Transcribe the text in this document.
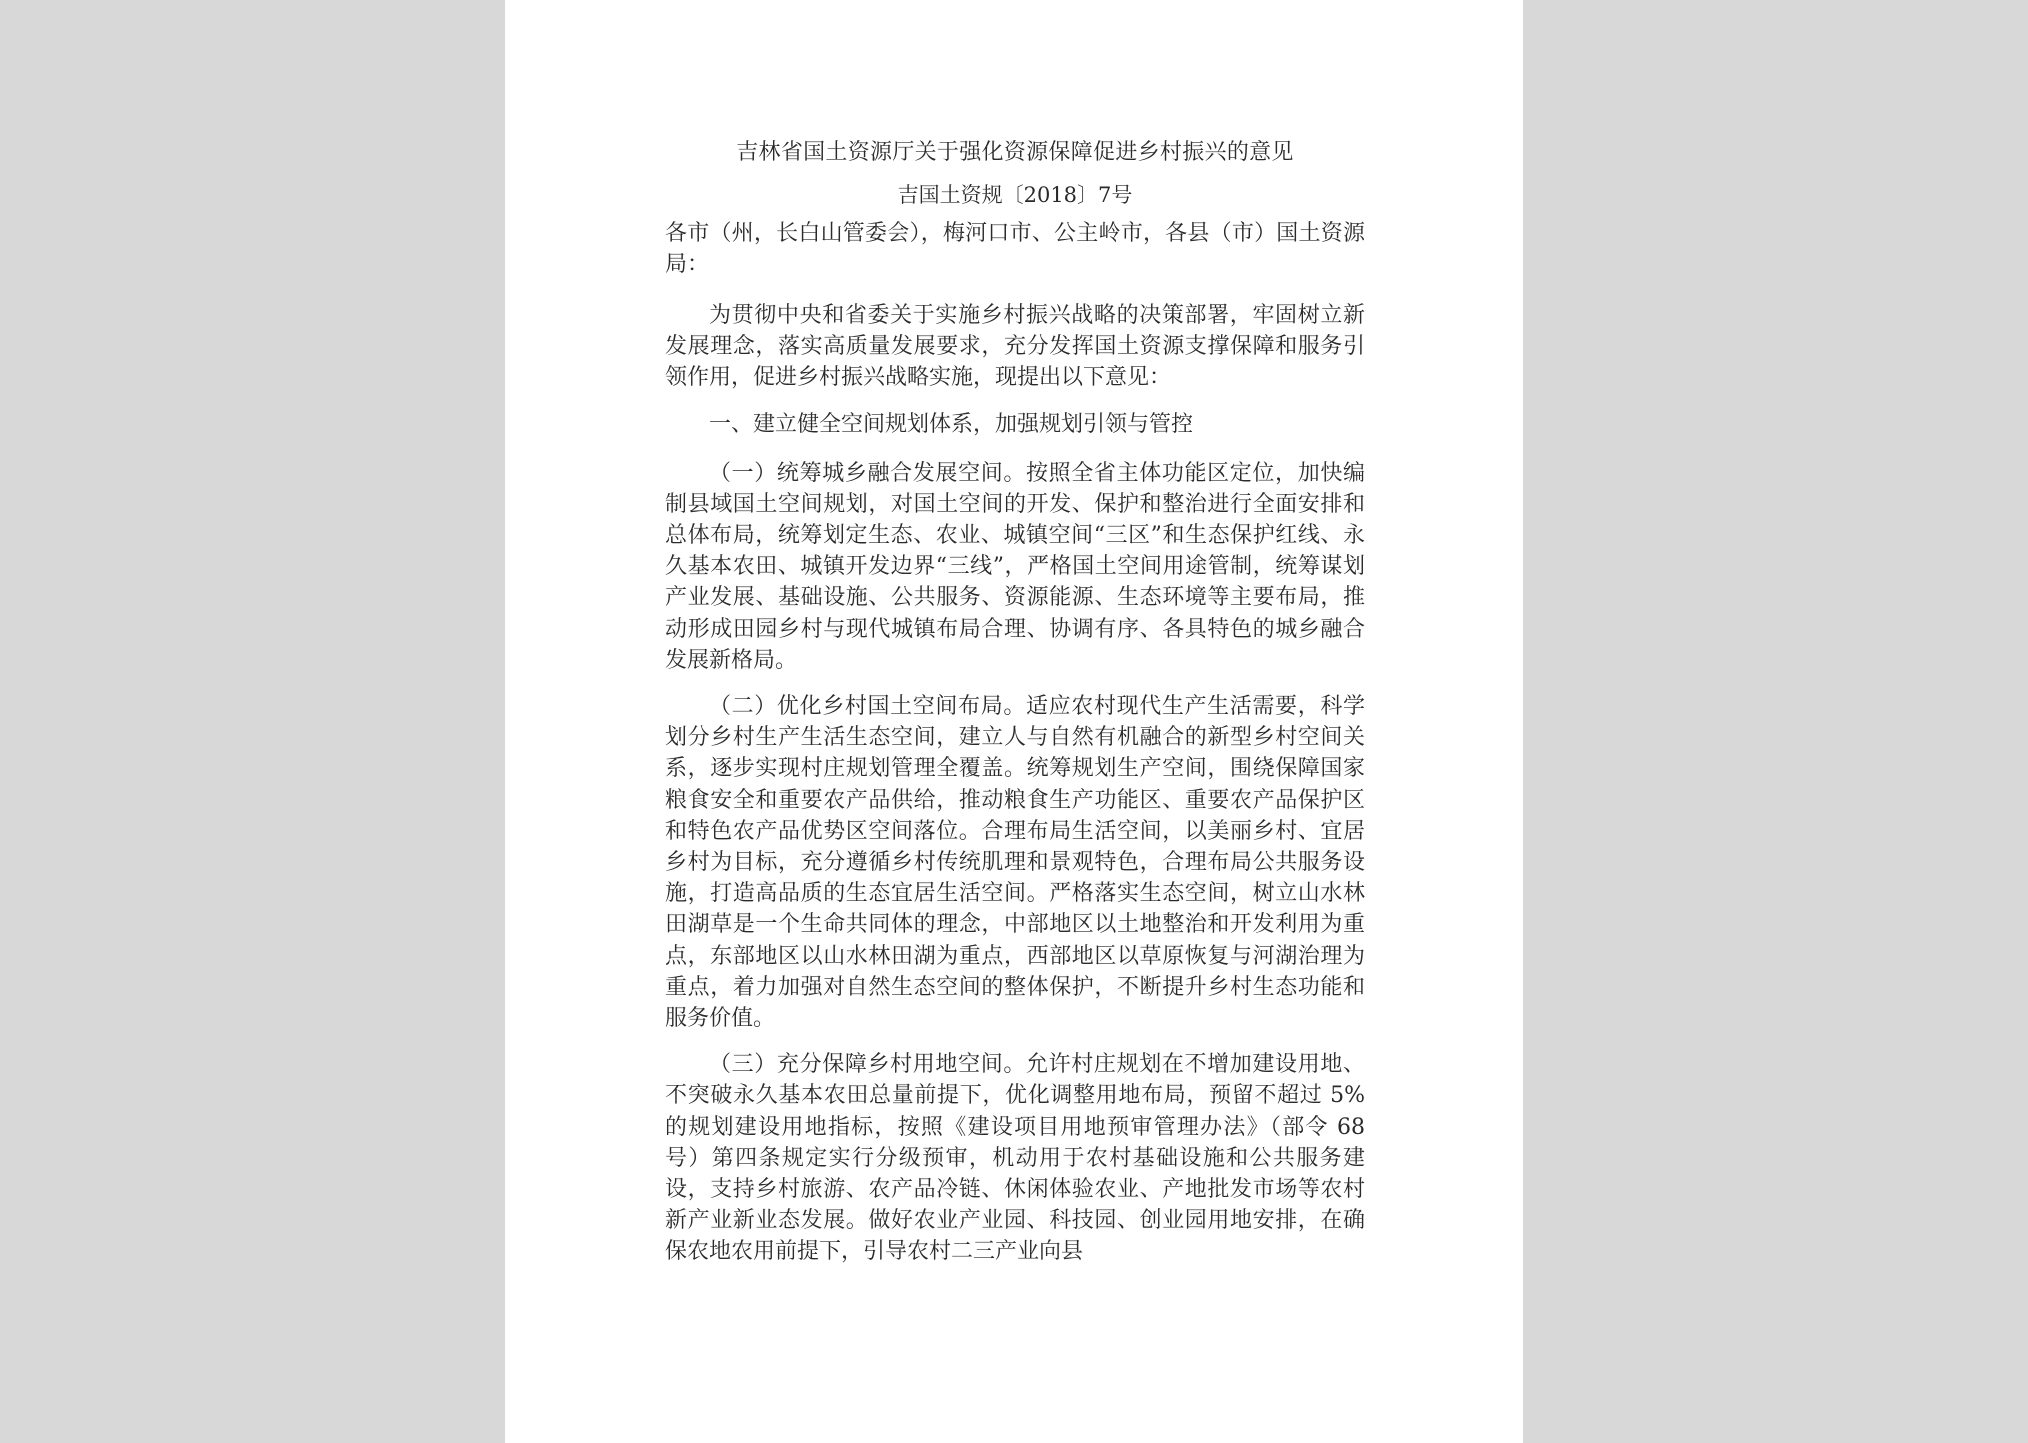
吉林省国土资源厅关于强化资源保障促进乡村振兴的意见
吉国土资规〔2018〕7号

各市（州，长白山管委会），梅河口市、公主岭市，各县（市）国土资源局：

为贯彻中央和省委关于实施乡村振兴战略的决策部署，牢固树立新发展理念，落实高质量发展要求，充分发挥国土资源支撑保障和服务引领作用，促进乡村振兴战略实施，现提出以下意见：

一、建立健全空间规划体系，加强规划引领与管控

（一）统筹城乡融合发展空间。按照全省主体功能区定位，加快编制县域国土空间规划，对国土空间的开发、保护和整治进行全面安排和总体布局，统筹划定生态、农业、城镇空间“三区”和生态保护红线、永久基本农田、城镇开发边界“三线”，严格国土空间用途管制，统筹谋划产业发展、基础设施、公共服务、资源能源、生态环境等主要布局，推动形成田园乡村与现代城镇布局合理、协调有序、各具特色的城乡融合发展新格局。

（二）优化乡村国土空间布局。适应农村现代生产生活需要，科学划分乡村生产生活生态空间，建立人与自然有机融合的新型乡村空间关系，逐步实现村庄规划管理全覆盖。统筹规划生产空间，围绕保障国家粮食安全和重要农产品供给，推动粮食生产功能区、重要农产品保护区和特色农产品优势区空间落位。合理布局生活空间，以美丽乡村、宜居乡村为目标，充分遵循乡村传统肌理和景观特色，合理布局公共服务设施，打造高品质的生态宜居生活空间。严格落实生态空间，树立山水林田湖草是一个生命共同体的理念，中部地区以土地整治和开发利用为重点，东部地区以山水林田湖为重点，西部地区以草原恢复与河湖治理为重点，着力加强对自然生态空间的整体保护，不断提升乡村生态功能和服务价值。

（三）充分保障乡村用地空间。允许村庄规划在不增加建设用地、不突破永久基本农田总量前提下，优化调整用地布局，预留不超过 5%的规划建设用地指标，按照《建设项目用地预审管理办法》（部令 68 号）第四条规定实行分级预审，机动用于农村基础设施和公共服务建设，支持乡村旅游、农产品冷链、休闲体验农业、产地批发市场等农村新产业新业态发展。做好农业产业园、科技园、创业园用地安排，在确保农地农用前提下，引导农村二三产业向县
